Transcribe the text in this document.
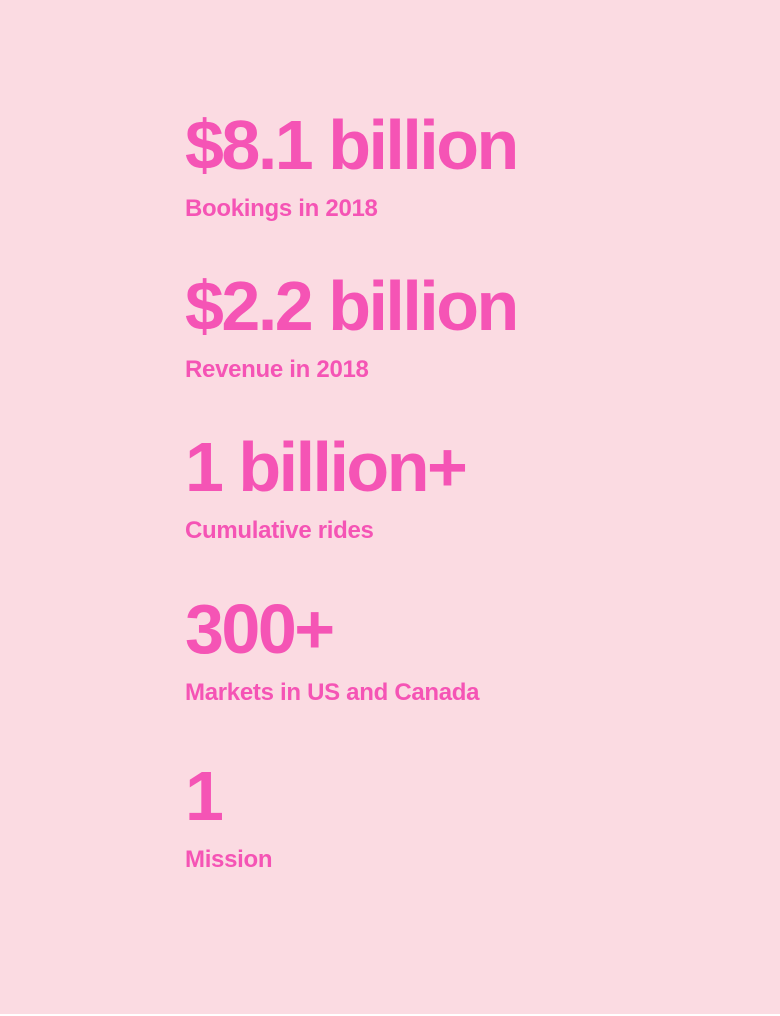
$8.1 billion
Bookings in 2018
$2.2 billion
Revenue in 2018
1 billion+
Cumulative rides
300+
Markets in US and Canada
1
Mission
